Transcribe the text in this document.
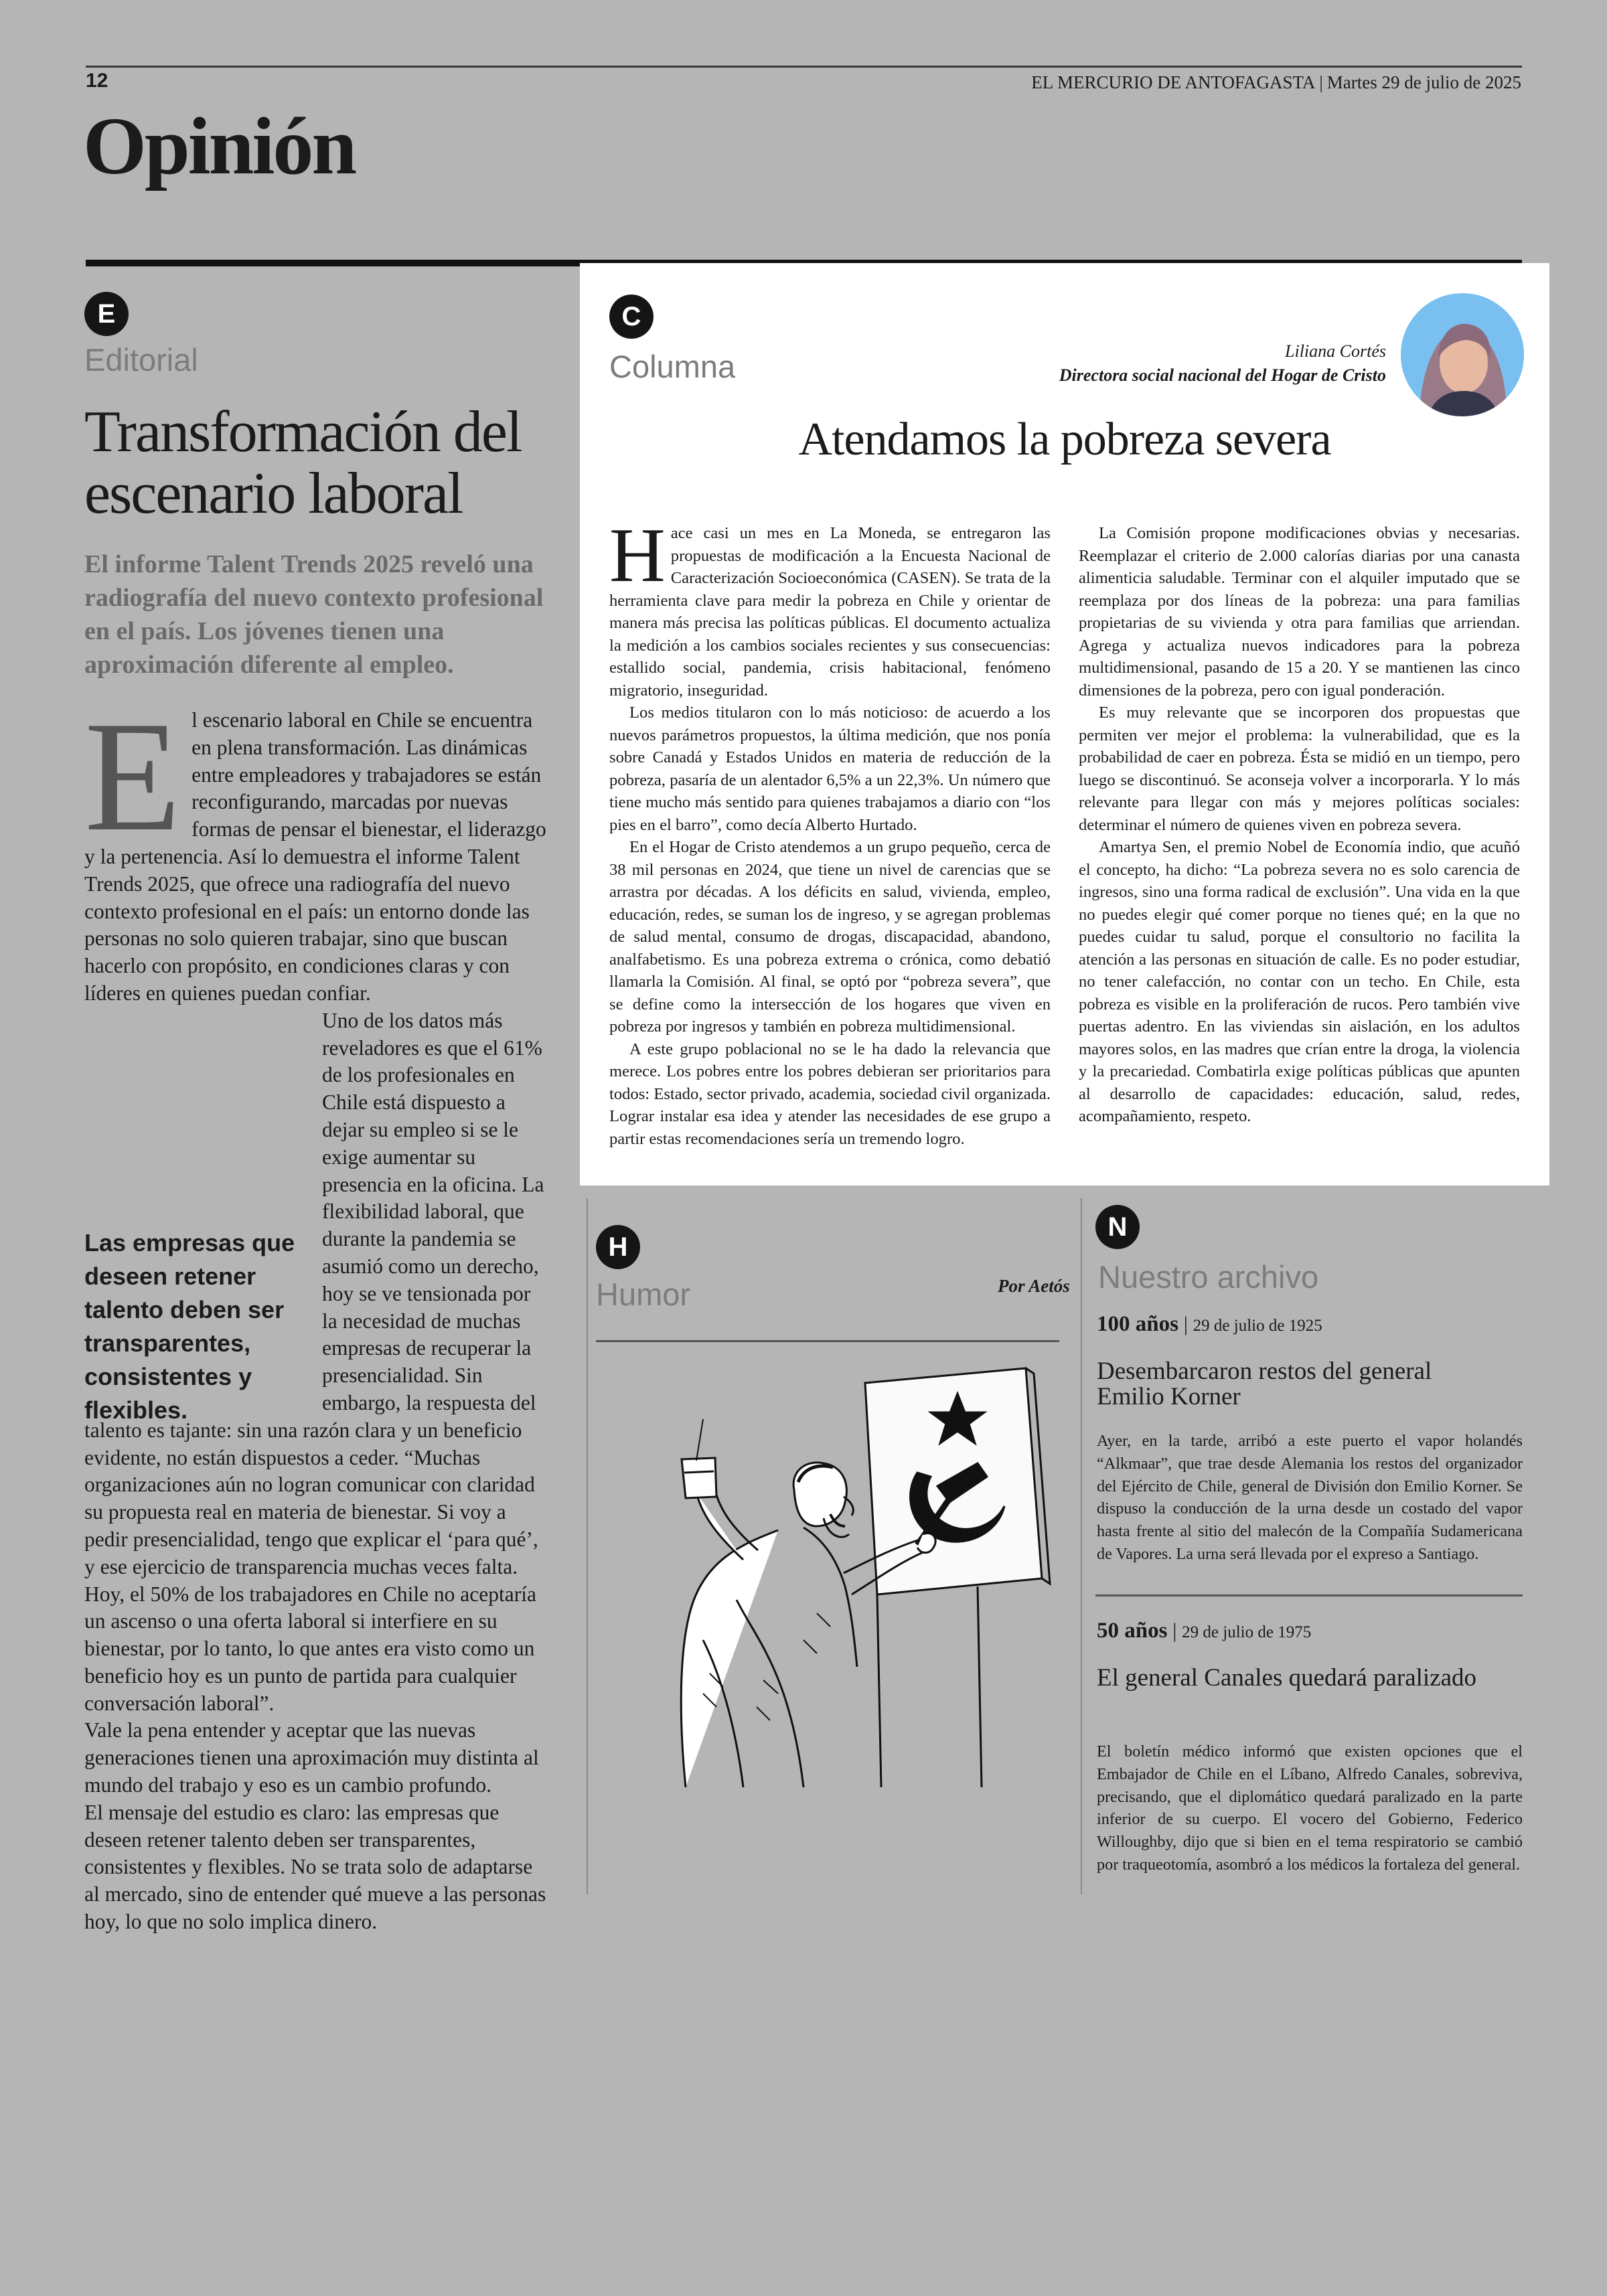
12	EL MERCURIO DE ANTOFAGASTA | Martes 29 de julio de 2025
Opinión
E
Editorial
Transformación del escenario laboral
El informe Talent Trends 2025 reveló una radiografía del nuevo contexto profesional en el país. Los jóvenes tienen una aproximación diferente al empleo.
E l escenario laboral en Chile se encuentra en plena transformación. Las dinámicas entre empleadores y trabajadores se están reconfigurando, marcadas por nuevas formas de pensar el bienestar, el liderazgo y la pertenencia. Así lo demuestra el informe Talent Trends 2025, que ofrece una radiografía del nuevo contexto profesional en el país: un entorno donde las personas no solo quieren trabajar, sino que buscan hacerlo con propósito, en condiciones claras y con líderes en quienes puedan confiar.

Uno de los datos más reveladores es que el 61% de los profesionales en Chile está dispuesto a dejar su empleo si se le exige aumentar su presencia en la oficina. La flexibilidad laboral, que durante la pandemia se asumió como un derecho, hoy se ve tensionada por la necesidad de muchas empresas de recuperar la presencialidad. Sin embargo, la respuesta del talento es tajante: sin una razón clara y un beneficio evidente, no están dispuestos a ceder. “Muchas organizaciones aún no logran comunicar con claridad su propuesta real en materia de bienestar. Si voy a pedir presencialidad, tengo que explicar el ‘para qué’, y ese ejercicio de transparencia muchas veces falta. Hoy, el 50% de los trabajadores en Chile no aceptaría un ascenso o una oferta laboral si interfiere en su bienestar, por lo tanto, lo que antes era visto como un beneficio hoy es un punto de partida para cualquier conversación laboral”.

Vale la pena entender y aceptar que las nuevas generaciones tienen una aproximación muy distinta al mundo del trabajo y eso es un cambio profundo.

El mensaje del estudio es claro: las empresas que deseen retener talento deben ser transparentes, consistentes y flexibles. No se trata solo de adaptarse al mercado, sino de entender qué mueve a las personas hoy, lo que no solo implica dinero.

Las empresas que deseen retener talento deben ser transparentes, consistentes y flexibles.
C
Columna	Liliana Cortés
Directora social nacional del Hogar de Cristo
Atendamos la pobreza severa

Hace casi un mes en La Moneda, se entregaron las propuestas de modificación a la Encuesta Nacional de Caracterización Socioeconómica (CASEN). Se trata de la herramienta clave para medir la pobreza en Chile y orientar de manera más precisa las políticas públicas. El documento actualiza la medición a los cambios sociales recientes y sus consecuencias: estallido social, pandemia, crisis habitacional, fenómeno migratorio, inseguridad.

Los medios titularon con lo más noticioso: de acuerdo a los nuevos parámetros propuestos, la última medición, que nos ponía sobre Canadá y Estados Unidos en materia de reducción de la pobreza, pasaría de un alentador 6,5% a un 22,3%. Un número que tiene mucho más sentido para quienes trabajamos a diario con “los pies en el barro”, como decía Alberto Hurtado.

En el Hogar de Cristo atendemos a un grupo pequeño, cerca de 38 mil personas en 2024, que tiene un nivel de carencias que se arrastra por décadas. A los déficits en salud, vivienda, empleo, educación, redes, se suman los de ingreso, y se agregan problemas de salud mental, consumo de drogas, discapacidad, abandono, analfabetismo. Es una pobreza extrema o crónica, como debatió llamarla la Comisión. Al final, se optó por “pobreza severa”, que se define como la intersección de los hogares que viven en pobreza por ingresos y también en pobreza multidimensional.

A este grupo poblacional no se le ha dado la relevancia que merece. Los pobres entre los pobres debieran ser prioritarios para todos: Estado, sector privado, academia, sociedad civil organizada. Lograr instalar esa idea y atender las necesidades de ese grupo a partir estas recomendaciones sería un tremendo logro.

La Comisión propone modificaciones obvias y necesarias. Reemplazar el criterio de 2.000 calorías diarias por una canasta alimenticia saludable. Terminar con el alquiler imputado que se reemplaza por dos líneas de la pobreza: una para familias propietarias de su vivienda y otra para familias que arriendan. Agrega y actualiza nuevos indicadores para la pobreza multidimensional, pasando de 15 a 20. Y se mantienen las cinco dimensiones de la pobreza, pero con igual ponderación.

Es muy relevante que se incorporen dos propuestas que permiten ver mejor el problema: la vulnerabilidad, que es la probabilidad de caer en pobreza. Ésta se midió en un tiempo, pero luego se discontinuó. Se aconseja volver a incorporarla. Y lo más relevante para llegar con más y mejores políticas sociales: determinar el número de quienes viven en pobreza severa.

Amartya Sen, el premio Nobel de Economía indio, que acuñó el concepto, ha dicho: “La pobreza severa no es solo carencia de ingresos, sino una forma radical de exclusión”. Una vida en la que no puedes elegir qué comer porque no tienes qué; en la que no puedes cuidar tu salud, porque el consultorio no facilita la atención a las personas en situación de calle. Es no poder estudiar, no tener calefacción, no contar con un techo. En Chile, esta pobreza es visible en la proliferación de rucos. Pero también vive puertas adentro. En las viviendas sin aislación, en los adultos mayores solos, en las madres que crían entre la droga, la violencia y la precariedad. Combatirla exige políticas públicas que apunten al desarrollo de capacidades: educación, salud, redes, acompañamiento, respeto.

H
Humor	Por Aetós
N
Nuestro archivo
100 años | 29 de julio de 1925
Desembarcaron restos del general Emilio Korner
Ayer, en la tarde, arribó a este puerto el vapor holandés “Alkmaar”, que trae desde Alemania los restos del organizador del Ejército de Chile, general de División don Emilio Korner. Se dispuso la conducción de la urna desde un costado del vapor hasta frente al sitio del malecón de la Compañía Sudamericana de Vapores. La urna será llevada por el expreso a Santiago.
50 años | 29 de julio de 1975
El general Canales quedará paralizado
El boletín médico informó que existen opciones que el Embajador de Chile en el Líbano, Alfredo Canales, sobreviva, precisando, que el diplomático quedará paralizado en la parte inferior de su cuerpo. El vocero del Gobierno, Federico Willoughby, dijo que si bien en el tema respiratorio se cambió por traqueotomía, asombró a los médicos la fortaleza del general.
